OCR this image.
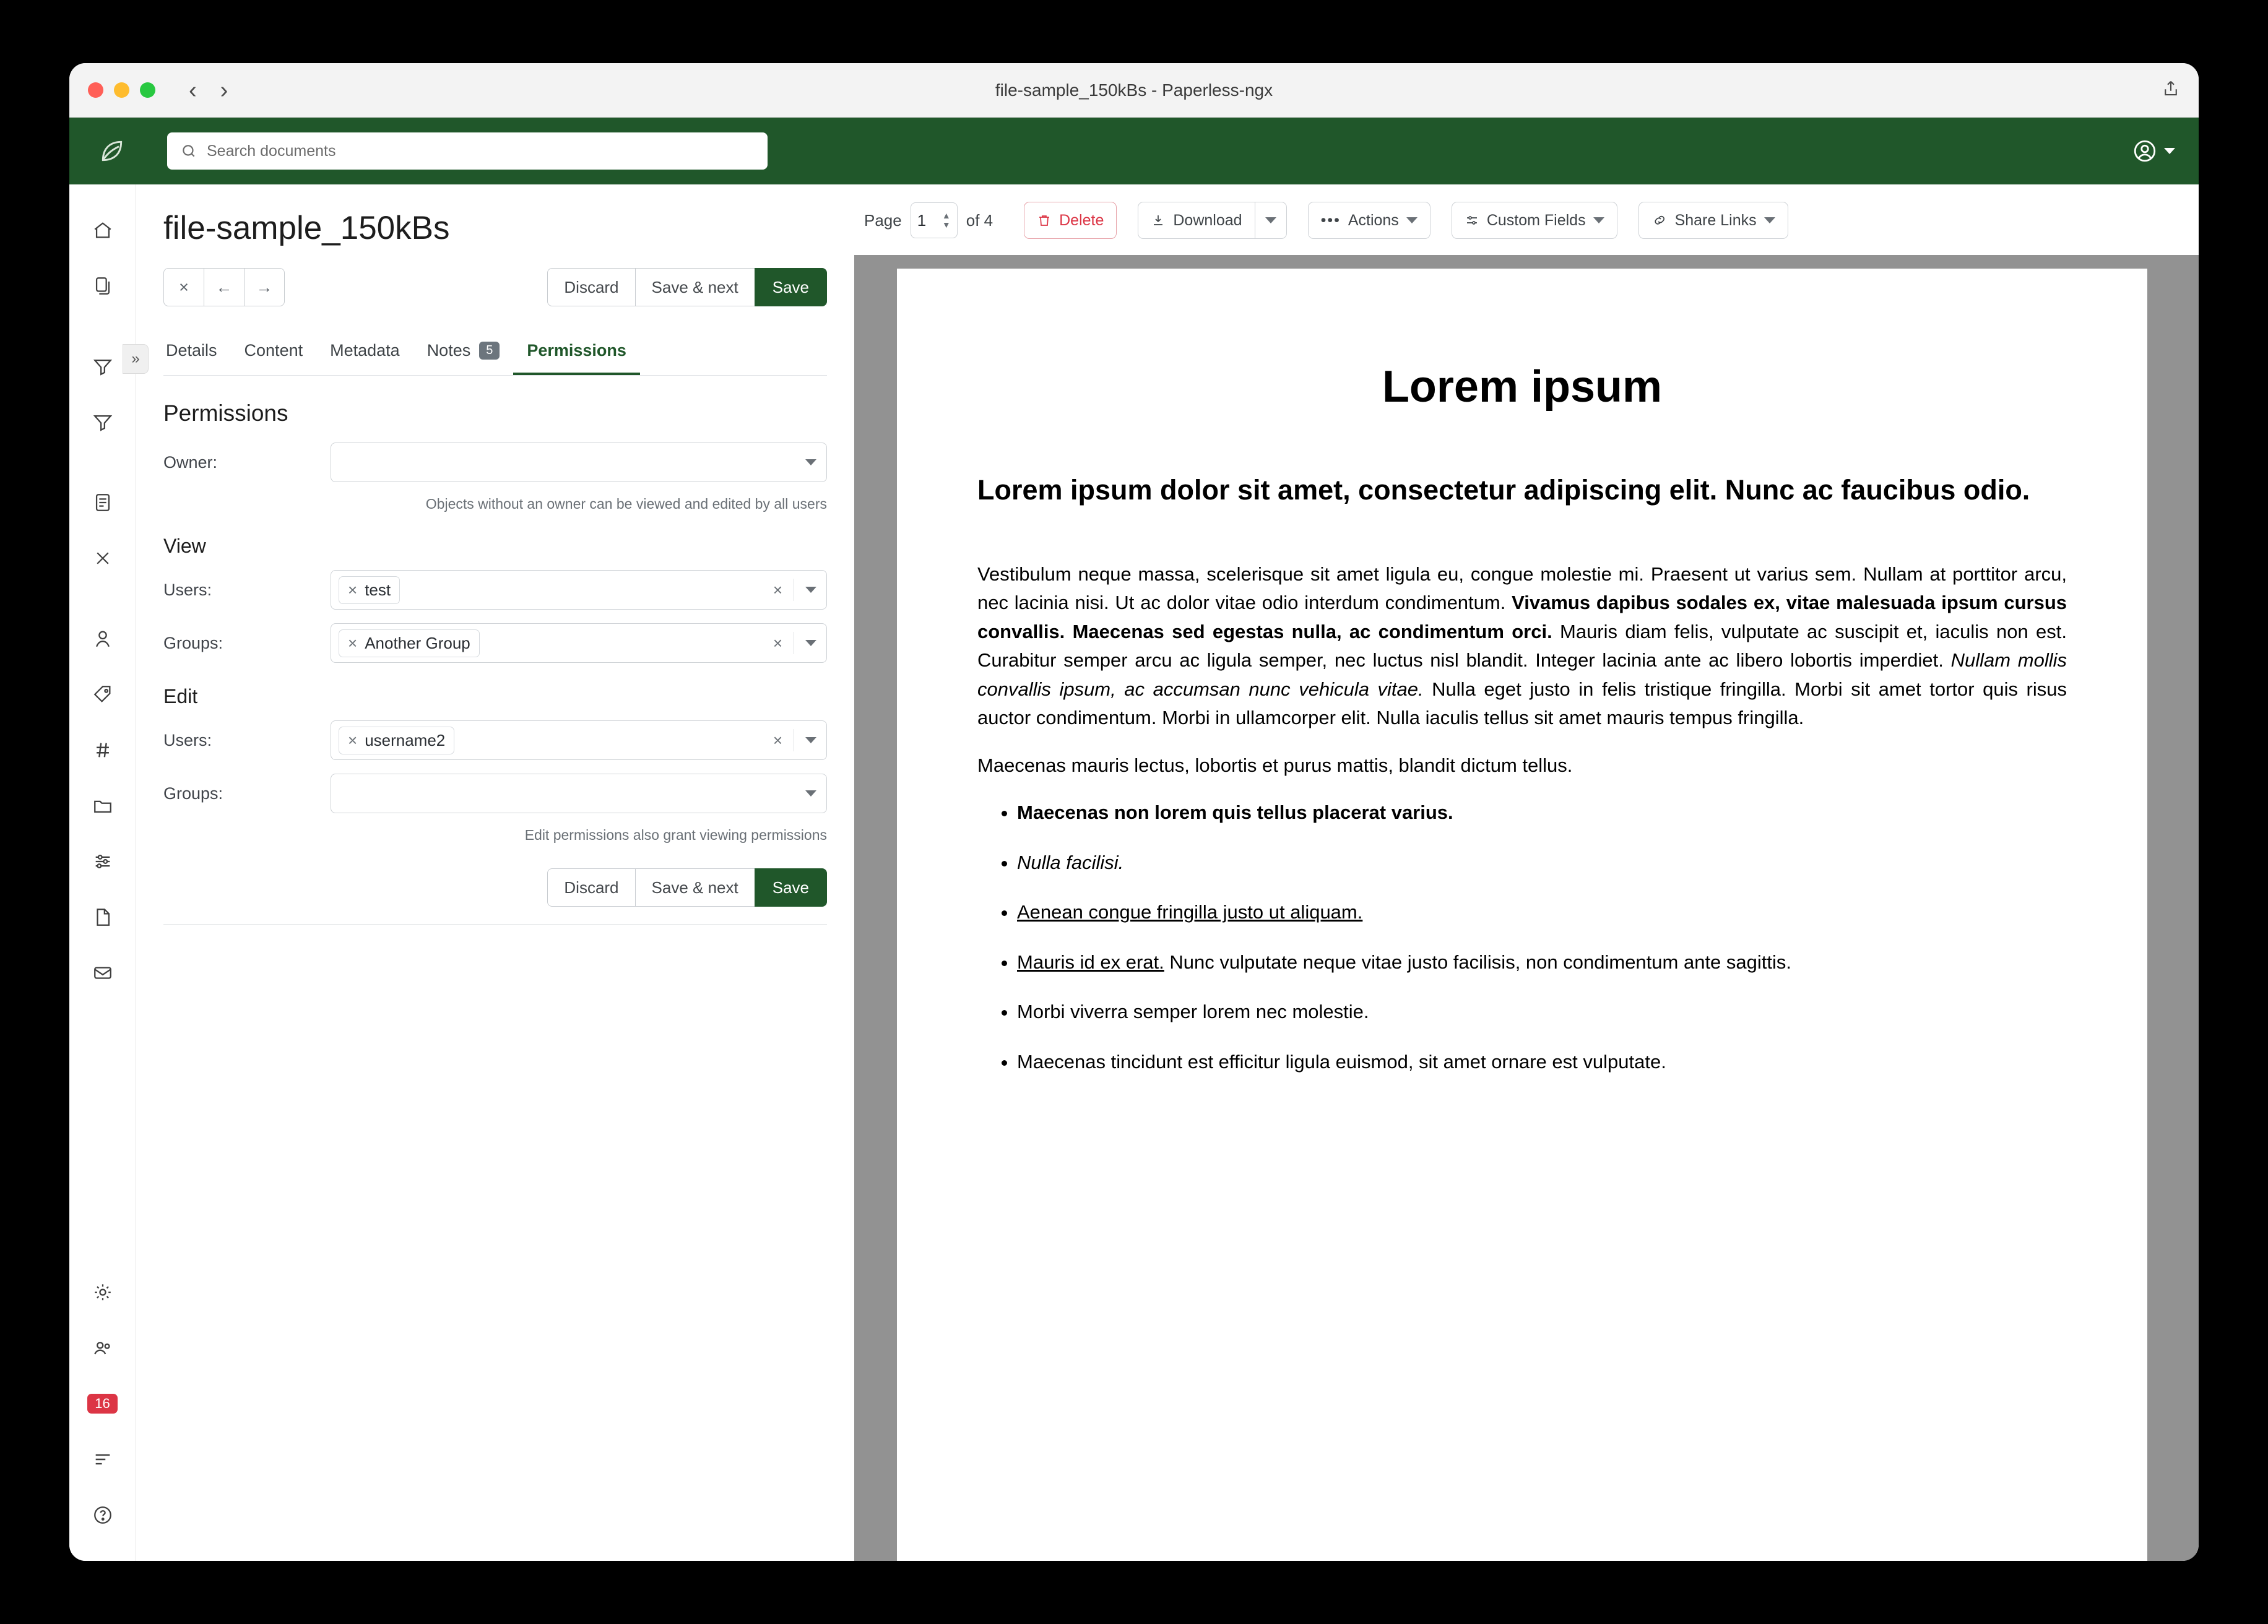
‹ ›	file-sample_150kBs - Paperless-ngx
Search documents
»
16
file-sample_150kBs
×	←	→	Discard	Save & next	Save
Details Content Metadata Notes	5	Permissions
Permissions
Owner:

Objects without an owner can be viewed and edited by all users

View
Users:	× test	×
Groups:	× Another Group	×
Edit
Users:	× username2	×
Groups:

Edit permissions also grant viewing permissions

Discard	Save & next	Save
Page 1 ▲
▼ of 4	Delete	Download	••• Actions	Custom Fields	Share Links
Lorem ipsum
Lorem ipsum dolor sit amet, consectetur adipiscing elit. Nunc ac faucibus odio.

Vestibulum neque massa, scelerisque sit amet ligula eu, congue molestie mi. Praesent ut varius sem. Nullam at porttitor arcu, nec lacinia nisi. Ut ac dolor vitae odio interdum condimentum. Vivamus dapibus sodales ex, vitae malesuada ipsum cursus convallis. Maecenas sed egestas nulla, ac condimentum orci. Mauris diam felis, vulputate ac suscipit et, iaculis non est. Curabitur semper arcu ac ligula semper, nec luctus nisl blandit. Integer lacinia ante ac libero lobortis imperdiet. Nullam mollis convallis ipsum, ac accumsan nunc vehicula vitae. Nulla eget justo in felis tristique fringilla. Morbi sit amet tortor quis risus auctor condimentum. Morbi in ullamcorper elit. Nulla iaculis tellus sit amet mauris tempus fringilla.

Maecenas mauris lectus, lobortis et purus mattis, blandit dictum tellus.

• Maecenas non lorem quis tellus placerat varius.
• Nulla facilisi.
• Aenean congue fringilla justo ut aliquam.
• Mauris id ex erat. Nunc vulputate neque vitae justo facilisis, non condimentum ante sagittis.
• Morbi viverra semper lorem nec molestie.
• Maecenas tincidunt est efficitur ligula euismod, sit amet ornare est vulputate.
